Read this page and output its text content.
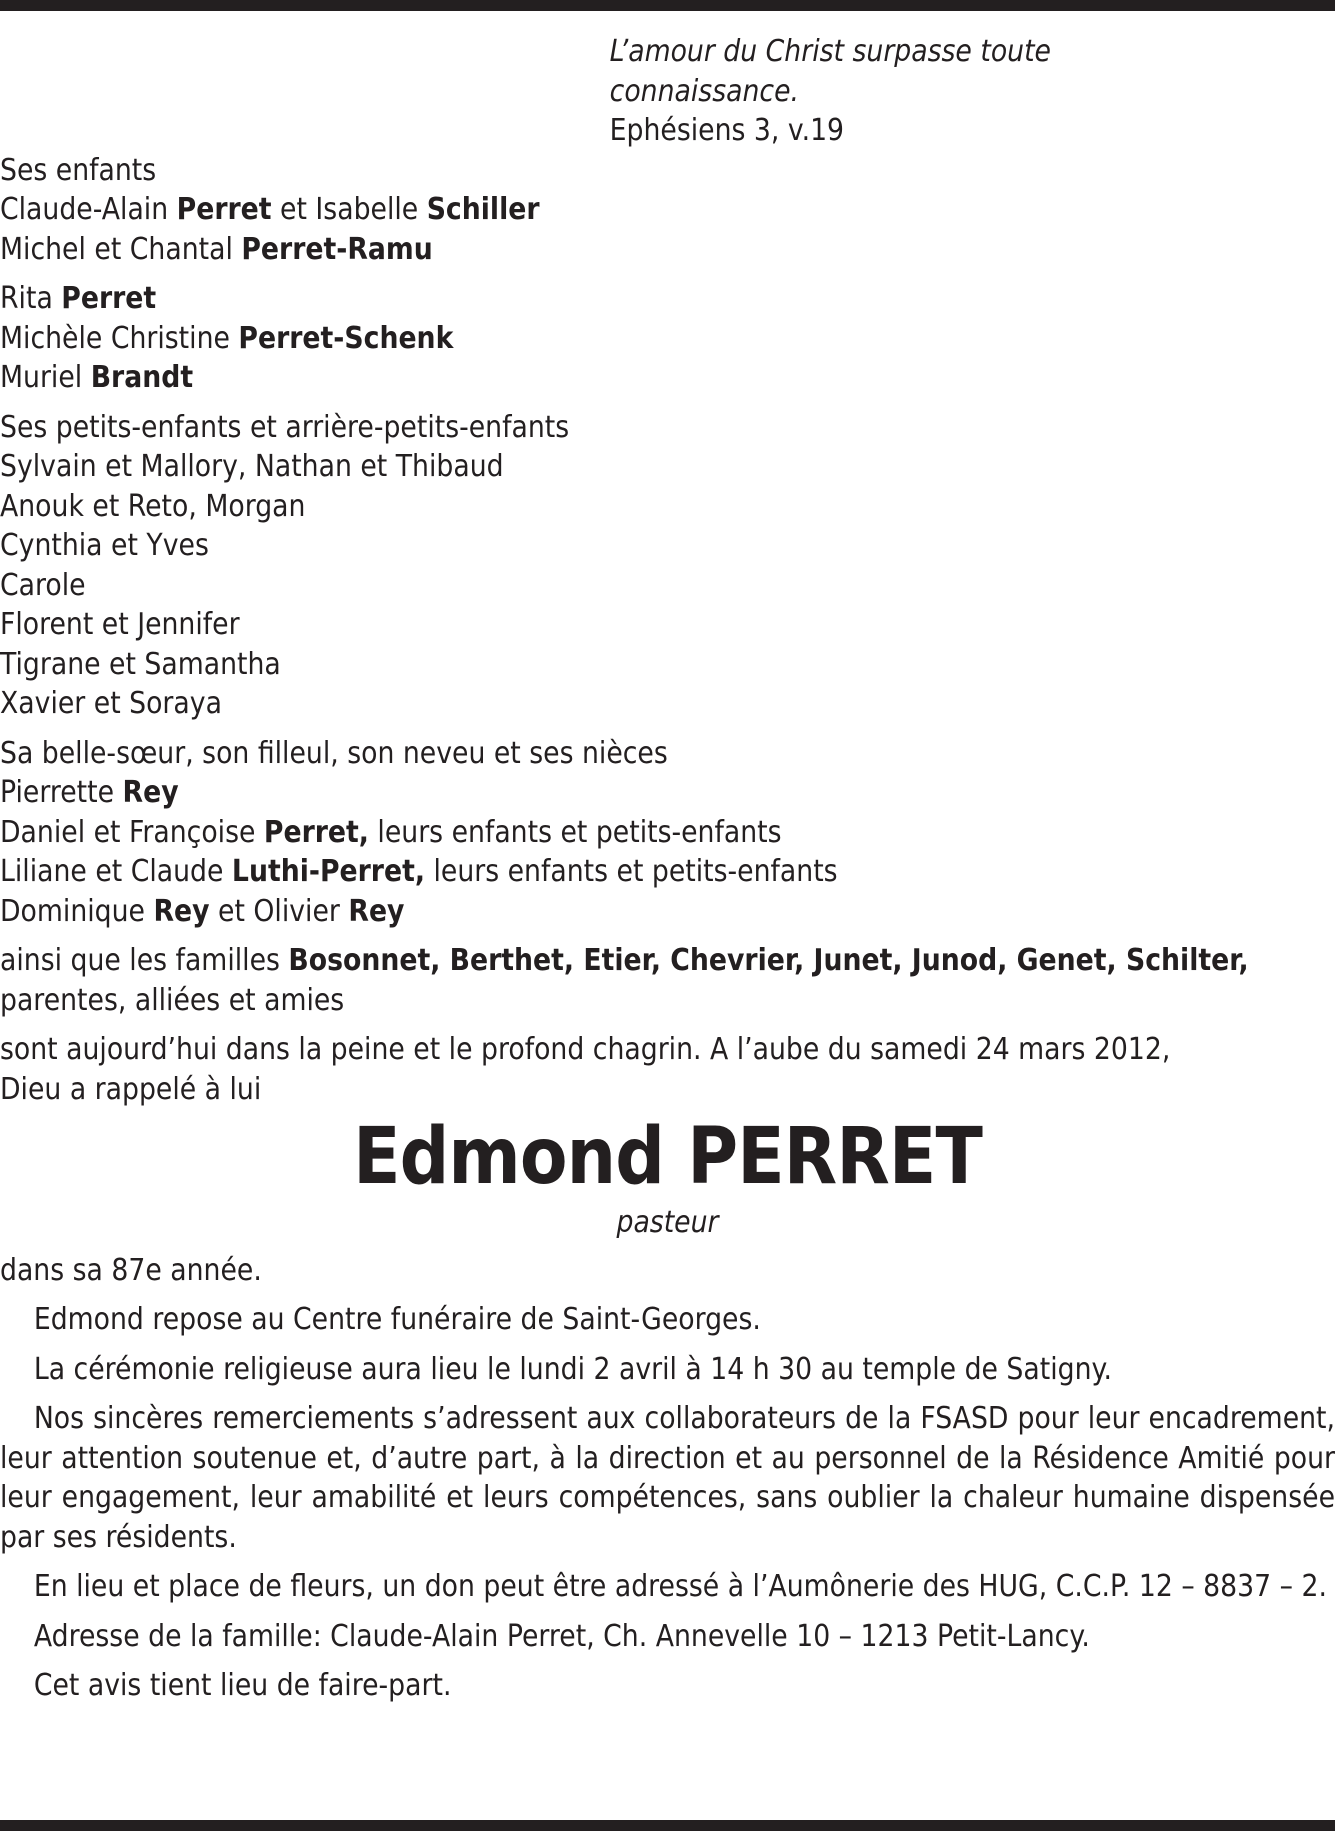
L’amour du Christ surpasse toute
connaissance.
Ephésiens 3, v.19
Ses enfants
Claude-Alain Perret et Isabelle Schiller
Michel et Chantal Perret-Ramu
Rita Perret
Michèle Christine Perret-Schenk
Muriel Brandt
Ses petits-enfants et arrière-petits-enfants
Sylvain et Mallory, Nathan et Thibaud
Anouk et Reto, Morgan
Cynthia et Yves
Carole
Florent et Jennifer
Tigrane et Samantha
Xavier et Soraya
Sa belle-sœur, son filleul, son neveu et ses nièces
Pierrette Rey
Daniel et Françoise Perret, leurs enfants et petits-enfants
Liliane et Claude Luthi-Perret, leurs enfants et petits-enfants
Dominique Rey et Olivier Rey
ainsi que les familles Bosonnet, Berthet, Etier, Chevrier, Junet, Junod, Genet, Schilter,
parentes, alliées et amies
sont aujourd’hui dans la peine et le profond chagrin. A l’aube du samedi 24 mars 2012,
Dieu a rappelé à lui
Edmond PERRET
pasteur
dans sa 87e année.
Edmond repose au Centre funéraire de Saint-Georges.
La cérémonie religieuse aura lieu le lundi 2 avril à 14 h 30 au temple de Satigny.
Nos sincères remerciements s’adressent aux collaborateurs de la FSASD pour leur encadrement, leur attention soutenue et, d’autre part, à la direction et au personnel de la Résidence Amitié pour leur engagement, leur amabilité et leurs compétences, sans oublier la chaleur humaine dispensée par ses résidents.
En lieu et place de fleurs, un don peut être adressé à l’Aumônerie des HUG, C.C.P. 12 – 8837 – 2.
Adresse de la famille: Claude-Alain Perret, Ch. Annevelle 10 – 1213 Petit-Lancy.
Cet avis tient lieu de faire-part.
